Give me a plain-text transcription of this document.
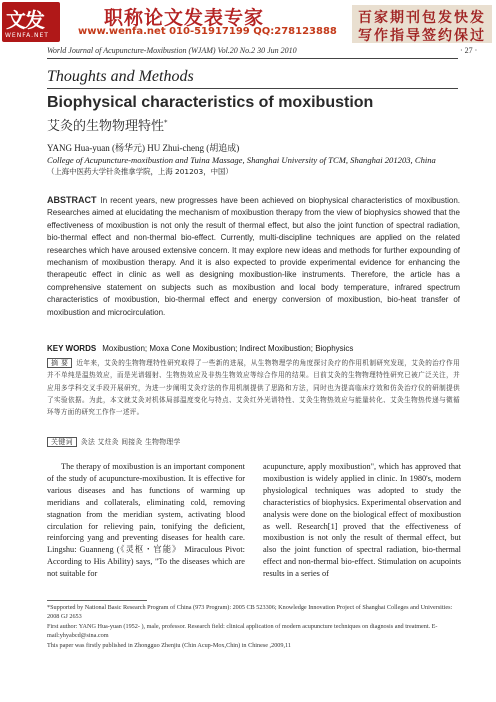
文发
WENFA.NET
职称论文发表专家
www.wenfa.net 010-51917199 QQ:278123888
百家期刊包发快发
写作指导签约保过
World Journal of Acupuncture-Moxibustion (WJAM) Vol.20 No.2 30 Jun 2010	· 27 ·
Thoughts and Methods
Biophysical characteristics of moxibustion
艾灸的生物物理特性*
YANG Hua-yuan (杨华元) HU Zhui-cheng (胡追成)
College of Acupuncture-moxibustion and Tuina Massage, Shanghai University of TCM, Shanghai 201203, China
（上海中医药大学针灸推拿学院，上海 201203，中国）
ABSTRACT In recent years, new progresses have been achieved on biophysical characteristics of moxibustion. Researches aimed at elucidating the mechanism of moxibustion therapy from the view of biophysics showed that the effectiveness of moxibustion is not only the result of thermal effect, but also the joint function of spectral radiation, bio-thermal effect and non-thermal bio-effect. Currently, multi-discipline techniques are applied on the related researches which have aroused extensive concern. It may explore new ideas and methods for further expounding of mechanism of moxibustion therapy. And it is also expected to provide experimental evidence for enhancing the therapeutic effect in clinic as well as designing moxibustion-like instruments. Therefore, the article has a comprehensive statement on subjects such as moxibustion and local body temperature, infrared spectrum characteristics of moxibustion, bio-thermal effect and energy conversion of moxibustion, bio-heat transfer of moxibustion and microcirculation.
KEY WORDS Moxibustion; Moxa Cone Moxibustion; Indirect Moxibustion; Biophysics
摘 要 近年来，艾灸的生物物理特性研究取得了一些新的进展，从生物物理学的角度探讨灸疗的作用机制研究发现，艾灸的治疗作用并不单纯是温热效应，而是光谱辐射、生物热效应及非热生物效应等综合作用的结果。目前艾灸的生物物理特性研究已被广泛关注，并应用多学科交叉手段开展研究，为进一步阐明艾灸疗法的作用机制提供了思路和方法，同时也为提高临床疗效和仿灸治疗仪的研制提供了实验依据。为此，本文就艾灸对机体局部温度变化与特点、艾灸红外光谱特性、艾灸生物热效应与能量转化、艾灸生物热传递与微循环等方面的研究工作作一述评。
关键词 灸法 艾炷灸 间接灸 生物物理学

The therapy of moxibustion is an important component of the study of acupuncture-moxibustion. It is effective for various diseases and has functions of warming up meridians and collaterals, eliminating cold, removing stagnation from the meridian system, activating blood circulation for relieving pain, tonifying the deficient, reinforcing yang and preventing diseases for health care. Lingshu: Guanneng (《灵枢・官能》 Miraculous Pivot: According to His Ability) says, "To the diseases which are not suitable for

acupuncture, apply moxibustion", which has approved that moxibustion is widely applied in clinic. In 1980's, modern physiological techniques was adopted to study the characteristics of biophysics. Experimental observation and analysis were done on the biological effect of moxibustion as well. Research[1] proved that the effectiveness of moxibustion is not only the result of thermal effect, but also the joint function of spectral radiation, bio-thermal effect and non-thermal bio-effect. Stimulation on acupoints results in a series of

*Supported by National Basic Research Program of China (973 Program): 2005 CB 523306; Knowledge Innovation Project of Shanghai Colleges and Universities: 2008 GJ 2653
First author: YANG Hua-yuan (1952- ), male, professor. Research field: clinical application of modern acupuncture techniques on diagnosis and treatment. E-mail:yhyabcd@sina.com
This paper was firstly published in Zhongguo Zhenjiu (Chin Acup-Mox,Chin) in Chinese ,2009,11
